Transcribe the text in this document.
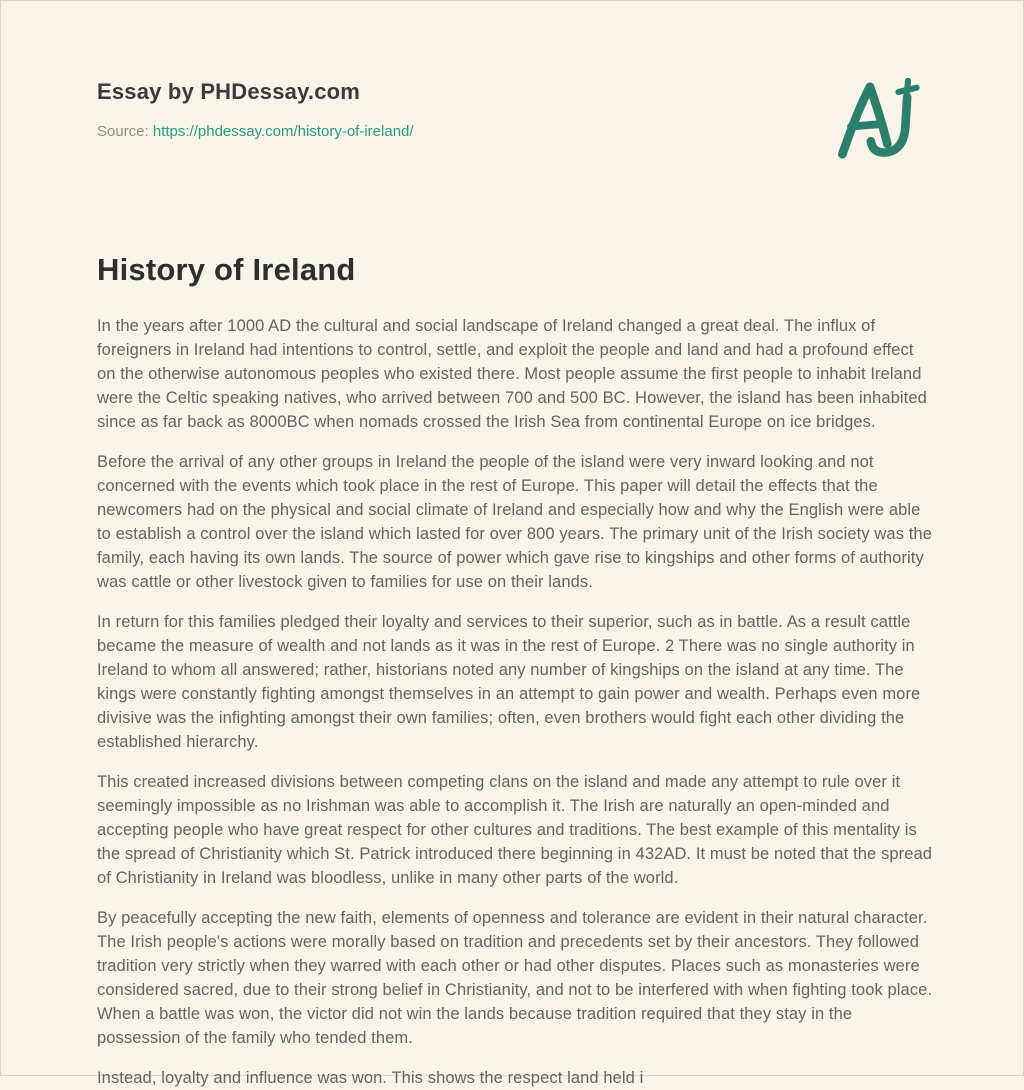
Essay by PHDessay.com
Source: https://phdessay.com/history-of-ireland/
History of Ireland

In the years after 1000 AD the cultural and social landscape of Ireland changed a great deal. The influx of foreigners in Ireland had intentions to control, settle, and exploit the people and land and had a profound effect on the otherwise autonomous peoples who existed there. Most people assume the first people to inhabit Ireland were the Celtic speaking natives, who arrived between 700 and 500 BC. However, the island has been inhabited since as far back as 8000BC when nomads crossed the Irish Sea from continental Europe on ice bridges.

Before the arrival of any other groups in Ireland the people of the island were very inward looking and not concerned with the events which took place in the rest of Europe. This paper will detail the effects that the newcomers had on the physical and social climate of Ireland and especially how and why the English were able to establish a control over the island which lasted for over 800 years. The primary unit of the Irish society was the family, each having its own lands. The source of power which gave rise to kingships and other forms of authority was cattle or other livestock given to families for use on their lands.

In return for this families pledged their loyalty and services to their superior, such as in battle. As a result cattle became the measure of wealth and not lands as it was in the rest of Europe. 2 There was no single authority in Ireland to whom all answered; rather, historians noted any number of kingships on the island at any time. The kings were constantly fighting amongst themselves in an attempt to gain power and wealth. Perhaps even more divisive was the infighting amongst their own families; often, even brothers would fight each other dividing the established hierarchy.

This created increased divisions between competing clans on the island and made any attempt to rule over it seemingly impossible as no Irishman was able to accomplish it. The Irish are naturally an open-minded and accepting people who have great respect for other cultures and traditions. The best example of this mentality is the spread of Christianity which St. Patrick introduced there beginning in 432AD. It must be noted that the spread of Christianity in Ireland was bloodless, unlike in many other parts of the world.

By peacefully accepting the new faith, elements of openness and tolerance are evident in their natural character. The Irish people's actions were morally based on tradition and precedents set by their ancestors. They followed tradition very strictly when they warred with each other or had other disputes. Places such as monasteries were considered sacred, due to their strong belief in Christianity, and not to be interfered with when fighting took place. When a battle was won, the victor did not win the lands because tradition required that they stay in the possession of the family who tended them.

Instead, loyalty and influence was won. This shows the respect land held i
